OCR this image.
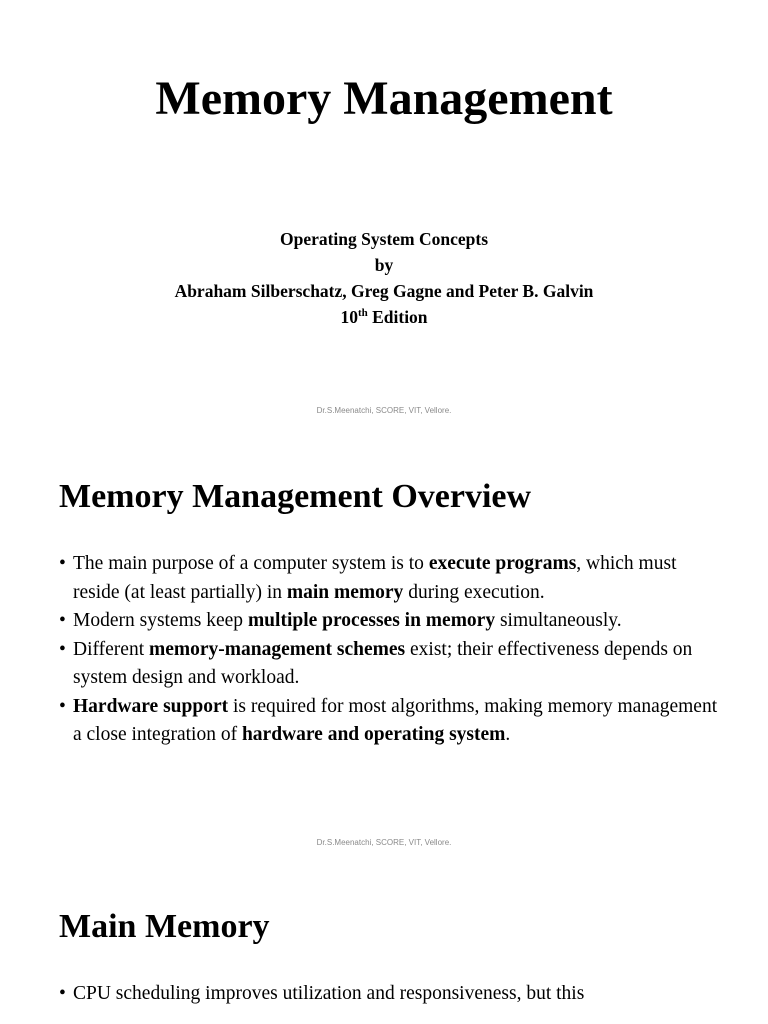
Memory Management
Operating System Concepts
by
Abraham Silberschatz, Greg Gagne and Peter B. Galvin
10th Edition
Dr.S.Meenatchi, SCORE, VIT, Vellore.
Memory Management Overview
• The main purpose of a computer system is to execute programs, which must reside (at least partially) in main memory during execution.
• Modern systems keep multiple processes in memory simultaneously.
• Different memory-management schemes exist; their effectiveness depends on system design and workload.
• Hardware support is required for most algorithms, making memory management a close integration of hardware and operating system.
Dr.S.Meenatchi, SCORE, VIT, Vellore.
Main Memory
• CPU scheduling improves utilization and responsiveness, but this
